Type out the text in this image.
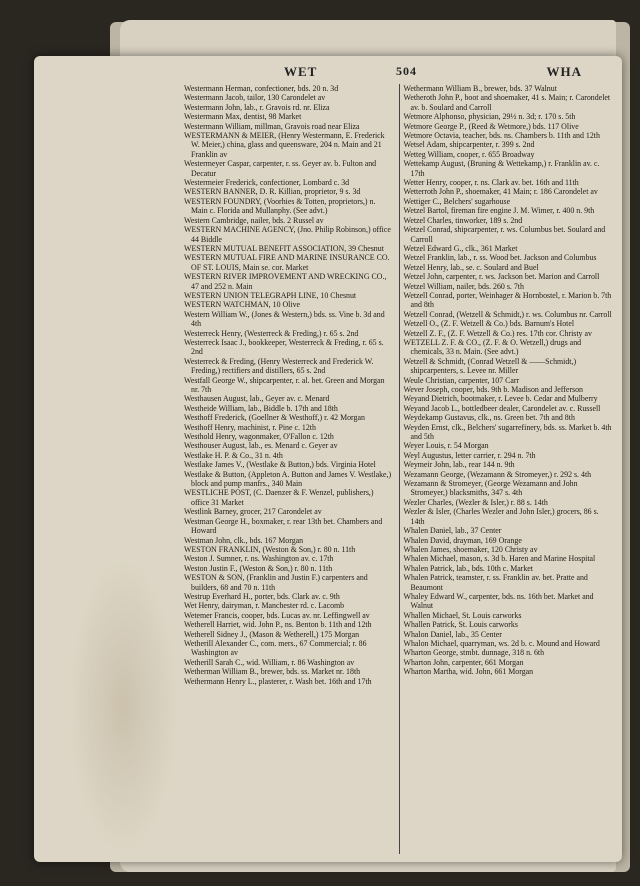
WET	504	WHA

Westermann Herman, confectioner, bds. 20 n. 3d

Westermann Jacob, tailor, 130 Carondelet av

Westermann John, lab., r. Gravois rd. nr. Eliza

Westermann Max, dentist, 98 Market

Westermann William, millman, Gravois road near Eliza

WESTERMANN & MEIER, (Henry Westermann, E. Frederick W. Meier,) china, glass and queensware, 204 n. Main and 21 Franklin av

Westermeyer Caspar, carpenter, r. ss. Geyer av. b. Fulton and Decatur

Westermeier Frederick, confectioner, Lombard c. 3d

WESTERN BANNER, D. R. Killian, proprietor, 9 s. 3d

WESTERN FOUNDRY, (Voorhies & Totten, proprietors,) n. Main c. Florida and Mullanphy. (See advt.)

Western Cambridge, nailer, bds. 2 Russel av

WESTERN MACHINE AGENCY, (Jno. Philip Robinson,) office 44 Biddle

WESTERN MUTUAL BENEFIT ASSOCIATION, 39 Chesnut

WESTERN MUTUAL FIRE AND MARINE INSURANCE CO. OF ST. LOUIS, Main se. cor. Market

WESTERN RIVER IMPROVEMENT AND WRECKING CO., 47 and 252 n. Main

WESTERN UNION TELEGRAPH LINE, 10 Chesnut

WESTERN WATCHMAN, 10 Olive

Western William W., (Jones & Western,) bds. ss. Vine b. 3d and 4th

Westerreck Henry, (Westerreck & Freding,) r. 65 s. 2nd

Westerreck Isaac J., bookkeeper, Westerreck & Freding, r. 65 s. 2nd

Westerreck & Freding, (Henry Westerreck and Frederick W. Freding,) rectifiers and distillers, 65 s. 2nd

Westfall George W., shipcarpenter, r. al. bet. Green and Morgan nr. 7th

Westhausen August, lab., Geyer av. c. Menard

Westheide William, lab., Biddle b. 17th and 18th

Westhoff Frederick, (Goellner & Westhoff,) r. 42 Morgan

Westhoff Henry, machinist, r. Pine c. 12th

Westhold Henry, wagonmaker, O'Fallon c. 12th

Westhouser August, lab., es. Menard c. Geyer av

Westlake H. P. & Co., 31 n. 4th

Westlake James V., (Westlake & Button,) bds. Virginia Hotel

Westlake & Button, (Appleton A. Button and James V. Westlake,) block and pump manfrs., 340 Main

WESTLICHE POST, (C. Daenzer & F. Wenzel, publishers,) office 31 Market

Westlink Barney, grocer, 217 Carondelet av

Westman George H., boxmaker, r. rear 13th bet. Chambers and Howard

Westman John, clk., bds. 167 Morgan

WESTON FRANKLIN, (Weston & Son,) r. 80 n. 11th

Weston J. Sumner, r. ns. Washington av. c. 17th

Weston Justin F., (Weston & Son,) r. 80 n. 11th

WESTON & SON, (Franklin and Justin F.) carpenters and builders, 68 and 70 n. 11th

Westrup Everhard H., porter, bds. Clark av. c. 9th

Wet Henry, dairyman, r. Manchester rd. c. Lacomb

Wetemer Francis, cooper, bds. Lucas av. nr. Leffingwell av

Wetherell Harriet, wid. John P., ns. Benton b. 11th and 12th

Wetherell Sidney J., (Mason & Wetherell,) 175 Morgan

Wetherill Alexander C., com. mers., 67 Commercial; r. 86 Washington av

Wetherill Sarah C., wid. William, r. 86 Washington av

Wetherman William B., brewer, bds. ss. Market nr. 18th

Wethermann Henry L., plasterer, r. Wash bet. 16th and 17th

Wethermann William B., brewer, bds. 37 Walnut

Wetheroth John P., boot and shoemaker, 41 s. Main; r. Carondelet av. b. Soulard and Carroll

Wetmore Alphonso, physician, 29½ n. 3d; r. 170 s. 5th

Wetmore George P., (Reed & Wetmore,) bds. 117 Olive

Wetmore Octavia, teacher, bds. ns. Chambers b. 11th and 12th

Wetsel Adam, shipcarpenter, r. 399 s. 2nd

Wetteg William, cooper, r. 655 Broadway

Wettekamp August, (Bruning & Wettekamp,) r. Franklin av. c. 17th

Wetter Henry, cooper, r. ns. Clark av. bet. 16th and 11th

Wetterroth John P., shoemaker, 41 Main; r. 186 Carondelet av

Wettiger C., Belchers' sugarhouse

Wetzel Bartol, fireman fire engine J. M. Wimer, r. 400 n. 9th

Wetzel Charles, tinworker, 189 s. 2nd

Wetzel Conrad, shipcarpenter, r. ws. Columbus bet. Soulard and Carroll

Wetzel Edward G., clk., 361 Market

Wetzel Franklin, lab., r. ss. Wood bet. Jackson and Columbus

Wetzel Henry, lab., se. c. Soulard and Buel

Wetzel John, carpenter, r. ws. Jackson bet. Marion and Carroll

Wetzel William, nailer, bds. 260 s. 7th

Wetzell Conrad, porter, Weinhager & Hornbostel, r. Marion b. 7th and 8th

Wetzell Conrad, (Wetzell & Schmidt,) r. ws. Columbus nr. Carroll

Wetzell O., (Z. F. Wetzell & Co.) bds. Barnum's Hotel

Wetzell Z. F., (Z. F. Wetzell & Co.) res. 17th cor. Christy av

WETZELL Z. F. & CO., (Z. F. & O. Wetzell,) drugs and chemicals, 33 n. Main. (See advt.)

Wetzell & Schmidt, (Conrad Wetzell & ——Schmidt,) shipcarpenters, s. Levee nr. Miller

Weule Christian, carpenter, 107 Carr

Wever Joseph, cooper, bds. 9th b. Madison and Jefferson

Weyand Dietrich, bootmaker, r. Levee b. Cedar and Mulberry

Weyand Jacob L., bottledbeer dealer, Carondelet av. c. Russell

Weydekamp Gustavus, clk., ns. Green bet. 7th and 8th

Weyden Ernst, clk., Belchers' sugarrefinery, bds. ss. Market b. 4th and 5th

Weyer Louis, r. 54 Morgan

Weyl Augustus, letter carrier, r. 294 n. 7th

Weymeir John, lab., rear 144 n. 9th

Wezamann George, (Wezamann & Stromeyer,) r. 292 s. 4th

Wezamann & Stromeyer, (George Wezamann and John Stromeyer,) blacksmiths, 347 s. 4th

Wezler Charles, (Wezler & Isler,) r. 88 s. 14th

Wezler & Isler, (Charles Wezler and John Isler,) grocers, 86 s. 14th

Whalen Daniel, lab., 37 Center

Whalen David, drayman, 169 Orange

Whalen James, shoemaker, 120 Christy av

Whalen Michael, mason, s. 3d b. Haren and Marine Hospital

Whalen Patrick, lab., bds. 10th c. Market

Whalen Patrick, teamster, r. ss. Franklin av. bet. Pratte and Beaumont

Whaley Edward W., carpenter, bds. ns. 16th bet. Market and Walnut

Whallen Michael, St. Louis carworks

Whallen Patrick, St. Louis carworks

Whalon Daniel, lab., 35 Center

Whalon Michael, quarryman, ws. 2d b. c. Mound and Howard

Wharton George, stmbt. dunnage, 318 n. 6th

Wharton John, carpenter, 661 Morgan

Wharton Martha, wid. John, 661 Morgan
